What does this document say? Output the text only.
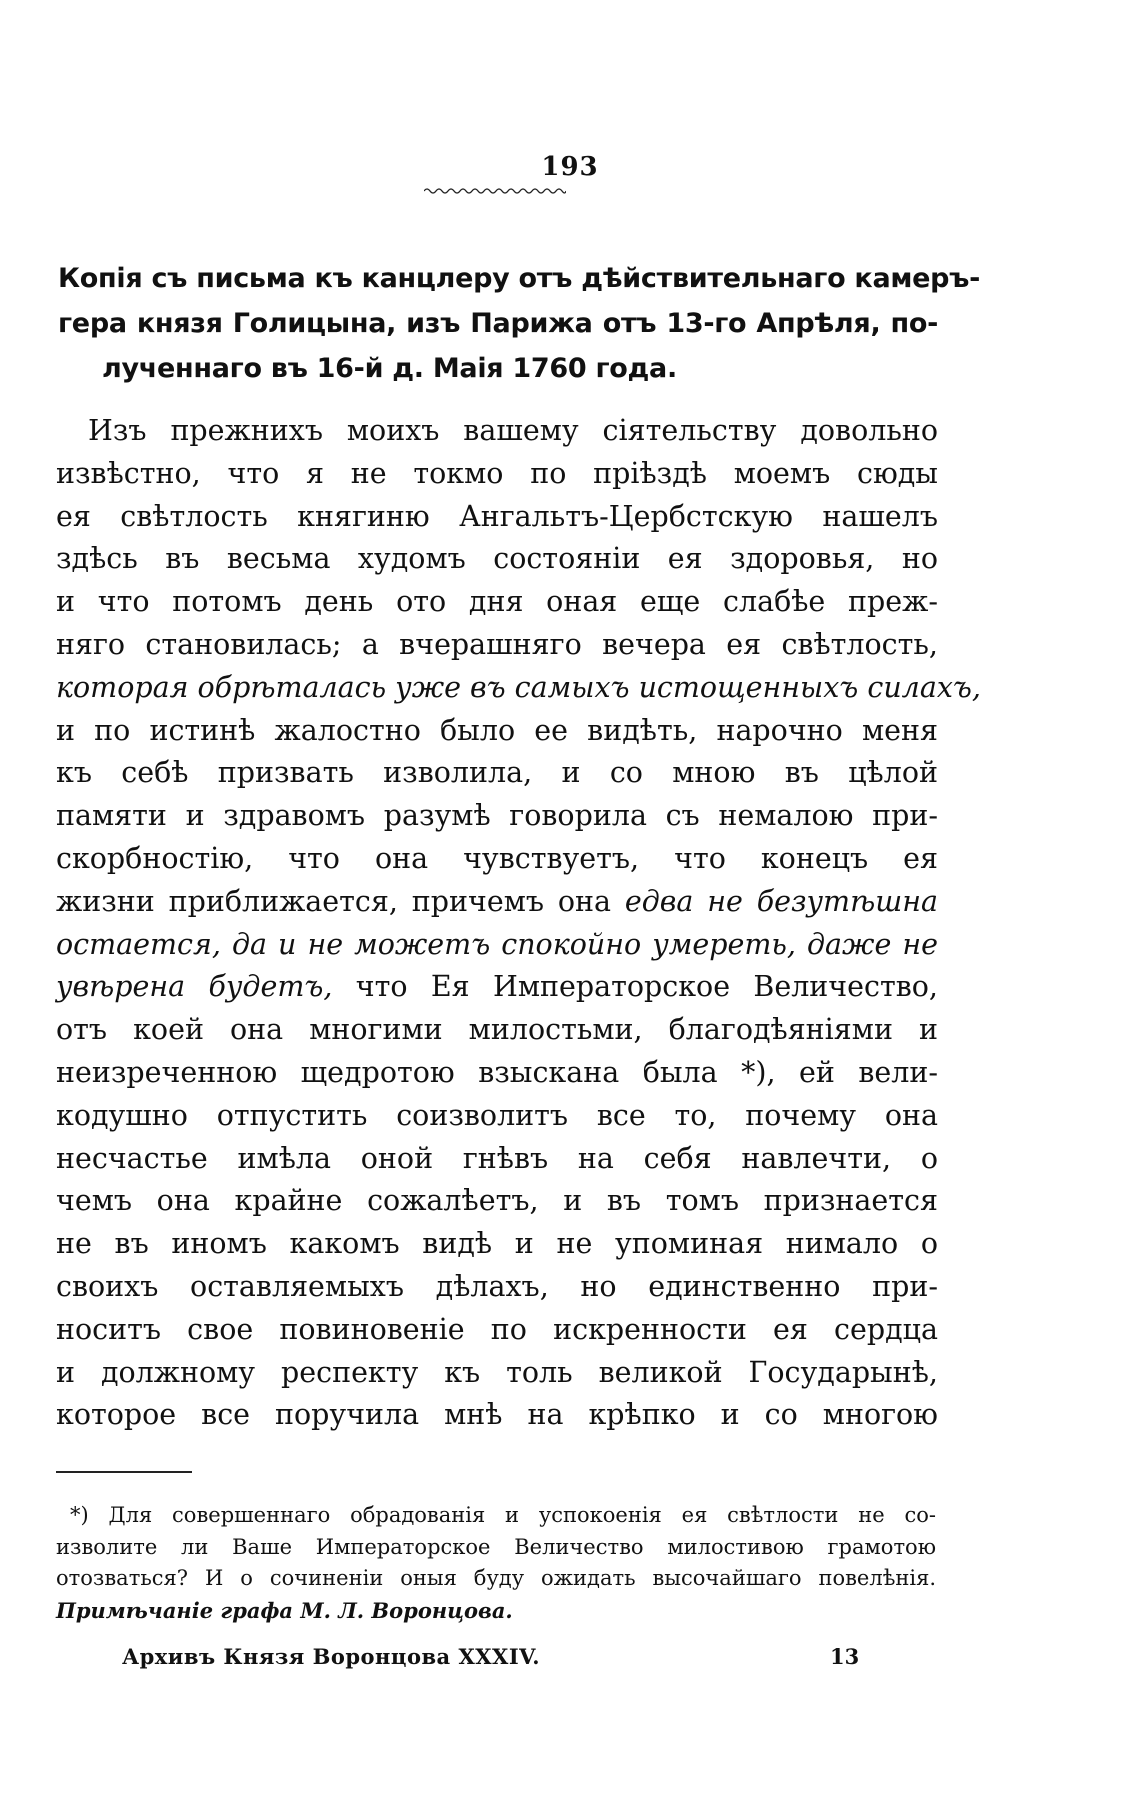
193
Копія съ письма къ канцлеру отъ дѣйствительнаго камеръ-
гера князя Голицына, изъ Парижа отъ 13-го Апрѣля, по-
лученнаго въ 16-й д. Маія 1760 года.
Изъ прежнихъ моихъ вашему сіятельству довольно
извѣстно, что я не токмо по пріѣздѣ моемъ сюды
ея свѣтлость княгиню Ангальтъ-Цербстскую нашелъ
здѣсь въ весьма худомъ состояніи ея здоровья, но
и что потомъ день ото дня оная еще слабѣе преж-
няго становилась; а вчерашняго вечера ея свѣтлость,
которая обрѣталась уже въ самыхъ истощенныхъ силахъ,
и по истинѣ жалостно было ее видѣть, нарочно меня
къ себѣ призвать изволила, и со мною въ цѣлой
памяти и здравомъ разумѣ говорила съ немалою при-
скорбностію, что она чувствуетъ, что конецъ ея
жизни приближается, причемъ она едва не безутѣшна
остается, да и не можетъ спокойно умереть, даже не
увѣрена будетъ, что Ея Императорское Величество,
отъ коей она многими милостьми, благодѣяніями и
неизреченною щедротою взыскана была *), ей вели-
кодушно отпустить соизволитъ все то, почему она
несчастье имѣла оной гнѣвъ на себя навлечти, о
чемъ она крайне сожалѣетъ, и въ томъ признается
не въ иномъ какомъ видѣ и не упоминая нимало о
своихъ оставляемыхъ дѣлахъ, но единственно при-
носитъ свое повиновеніе по искренности ея сердца
и должному респекту къ толь великой Государынѣ,
которое все поручила мнѣ на крѣпко и со многою
*) Для совершеннаго обрадованія и успокоенія ея свѣтлости не со-
изволите ли Ваше Императорское Величество милостивою грамотою
отозваться? И о сочиненіи оныя буду ожидать высочайшаго повелѣнія.
Примѣчаніе графа М. Л. Воронцова.
Архивъ Князя Воронцова XXXIV.	13
